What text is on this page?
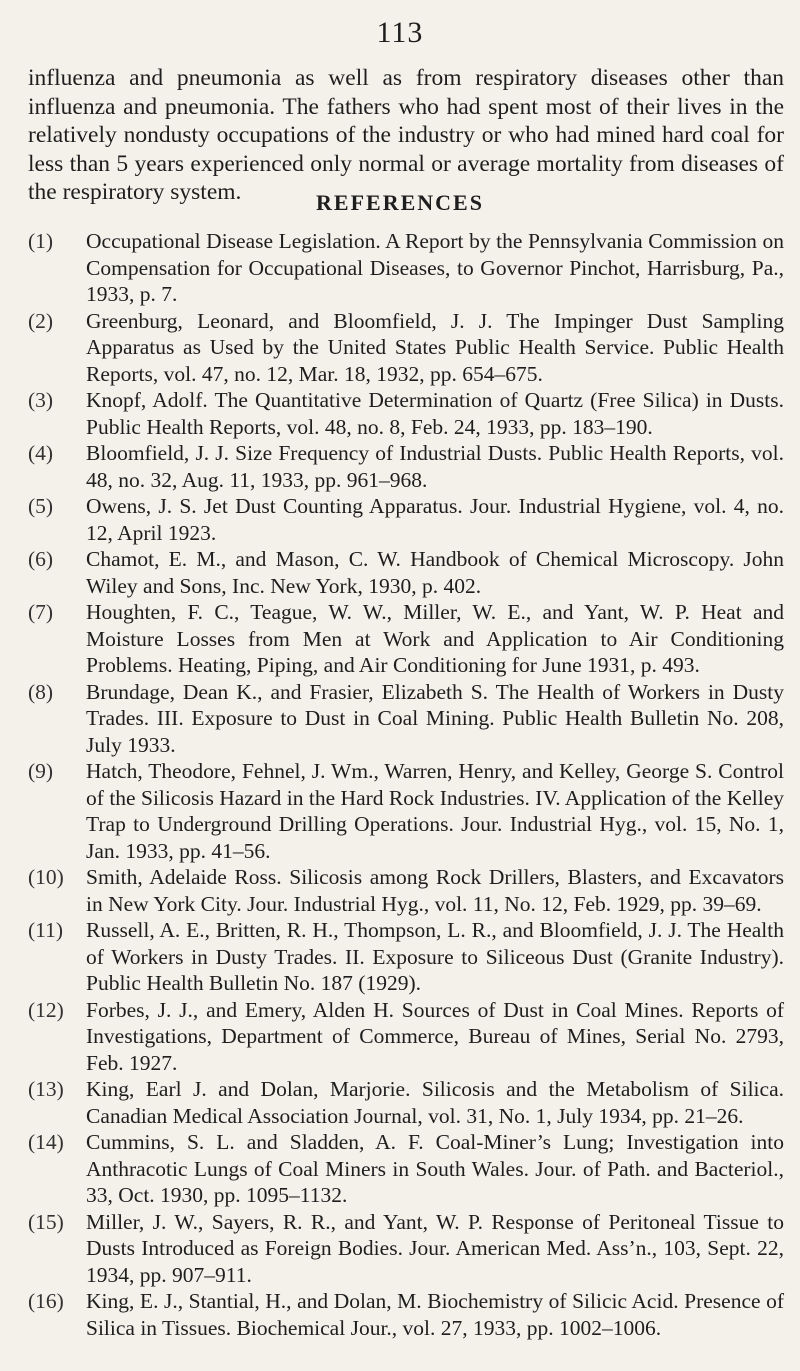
113

influenza and pneumonia as well as from respiratory diseases other than influenza and pneumonia. The fathers who had spent most of their lives in the relatively nondusty occupations of the industry or who had mined hard coal for less than 5 years experienced only normal or average mortality from diseases of the respiratory system.	REFERENCES
(1)	Occupational Disease Legislation. A Report by the Pennsylvania Commission on Compensation for Occupational Diseases, to Governor Pinchot, Harrisburg, Pa., 1933, p. 7.
(2)	Greenburg, Leonard, and Bloomfield, J. J. The Impinger Dust Sampling Apparatus as Used by the United States Public Health Service. Public Health Reports, vol. 47, no. 12, Mar. 18, 1932, pp. 654–675.
(3)	Knopf, Adolf. The Quantitative Determination of Quartz (Free Silica) in Dusts. Public Health Reports, vol. 48, no. 8, Feb. 24, 1933, pp. 183–190.
(4)	Bloomfield, J. J. Size Frequency of Industrial Dusts. Public Health Reports, vol. 48, no. 32, Aug. 11, 1933, pp. 961–968.
(5)	Owens, J. S. Jet Dust Counting Apparatus. Jour. Industrial Hygiene, vol. 4, no. 12, April 1923.
(6)	Chamot, E. M., and Mason, C. W. Handbook of Chemical Microscopy. John Wiley and Sons, Inc. New York, 1930, p. 402.
(7)	Houghten, F. C., Teague, W. W., Miller, W. E., and Yant, W. P. Heat and Moisture Losses from Men at Work and Application to Air Conditioning Problems. Heating, Piping, and Air Conditioning for June 1931, p. 493.
(8)	Brundage, Dean K., and Frasier, Elizabeth S. The Health of Workers in Dusty Trades. III. Exposure to Dust in Coal Mining. Public Health Bulletin No. 208, July 1933.
(9)	Hatch, Theodore, Fehnel, J. Wm., Warren, Henry, and Kelley, George S. Control of the Silicosis Hazard in the Hard Rock Industries. IV. Application of the Kelley Trap to Underground Drilling Operations. Jour. Industrial Hyg., vol. 15, No. 1, Jan. 1933, pp. 41–56.
(10)	Smith, Adelaide Ross. Silicosis among Rock Drillers, Blasters, and Excavators in New York City. Jour. Industrial Hyg., vol. 11, No. 12, Feb. 1929, pp. 39–69.
(11)	Russell, A. E., Britten, R. H., Thompson, L. R., and Bloomfield, J. J. The Health of Workers in Dusty Trades. II. Exposure to Siliceous Dust (Granite Industry). Public Health Bulletin No. 187 (1929).
(12)	Forbes, J. J., and Emery, Alden H. Sources of Dust in Coal Mines. Reports of Investigations, Department of Commerce, Bureau of Mines, Serial No. 2793, Feb. 1927.
(13)	King, Earl J. and Dolan, Marjorie. Silicosis and the Metabolism of Silica. Canadian Medical Association Journal, vol. 31, No. 1, July 1934, pp. 21–26.
(14)	Cummins, S. L. and Sladden, A. F. Coal-Miner’s Lung; Investigation into Anthracotic Lungs of Coal Miners in South Wales. Jour. of Path. and Bacteriol., 33, Oct. 1930, pp. 1095–1132.
(15)	Miller, J. W., Sayers, R. R., and Yant, W. P. Response of Peritoneal Tissue to Dusts Introduced as Foreign Bodies. Jour. American Med. Ass’n., 103, Sept. 22, 1934, pp. 907–911.
(16)	King, E. J., Stantial, H., and Dolan, M. Biochemistry of Silicic Acid. Presence of Silica in Tissues. Biochemical Jour., vol. 27, 1933, pp. 1002–1006.
